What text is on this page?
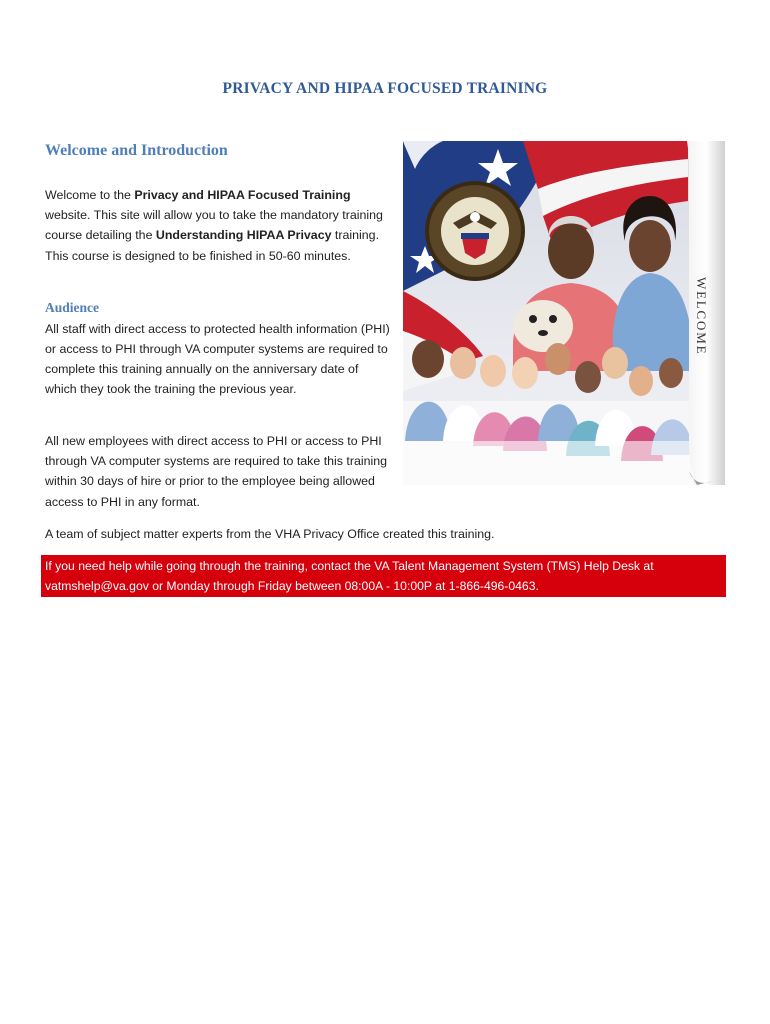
PRIVACY AND HIPAA FOCUSED TRAINING
Welcome and Introduction
Welcome to the Privacy and HIPAA Focused Training website. This site will allow you to take the mandatory training course detailing the Understanding HIPAA Privacy training. This course is designed to be finished in 50-60 minutes.
Audience
All staff with direct access to protected health information (PHI) or access to PHI through VA computer systems are required to complete this training annually on the anniversary date of which they took the training the previous year.
All new employees with direct access to PHI or access to PHI through VA computer systems are required to take this training within 30 days of hire or prior to the employee being allowed access to PHI in any format.
A team of subject matter experts from the VHA Privacy Office created this training.
If you need help while going through the training, contact the VA Talent Management System (TMS) Help Desk at vatmshelp@va.gov or Monday through Friday between 08:00A - 10:00P at 1-866-496-0463.
WELCOME
